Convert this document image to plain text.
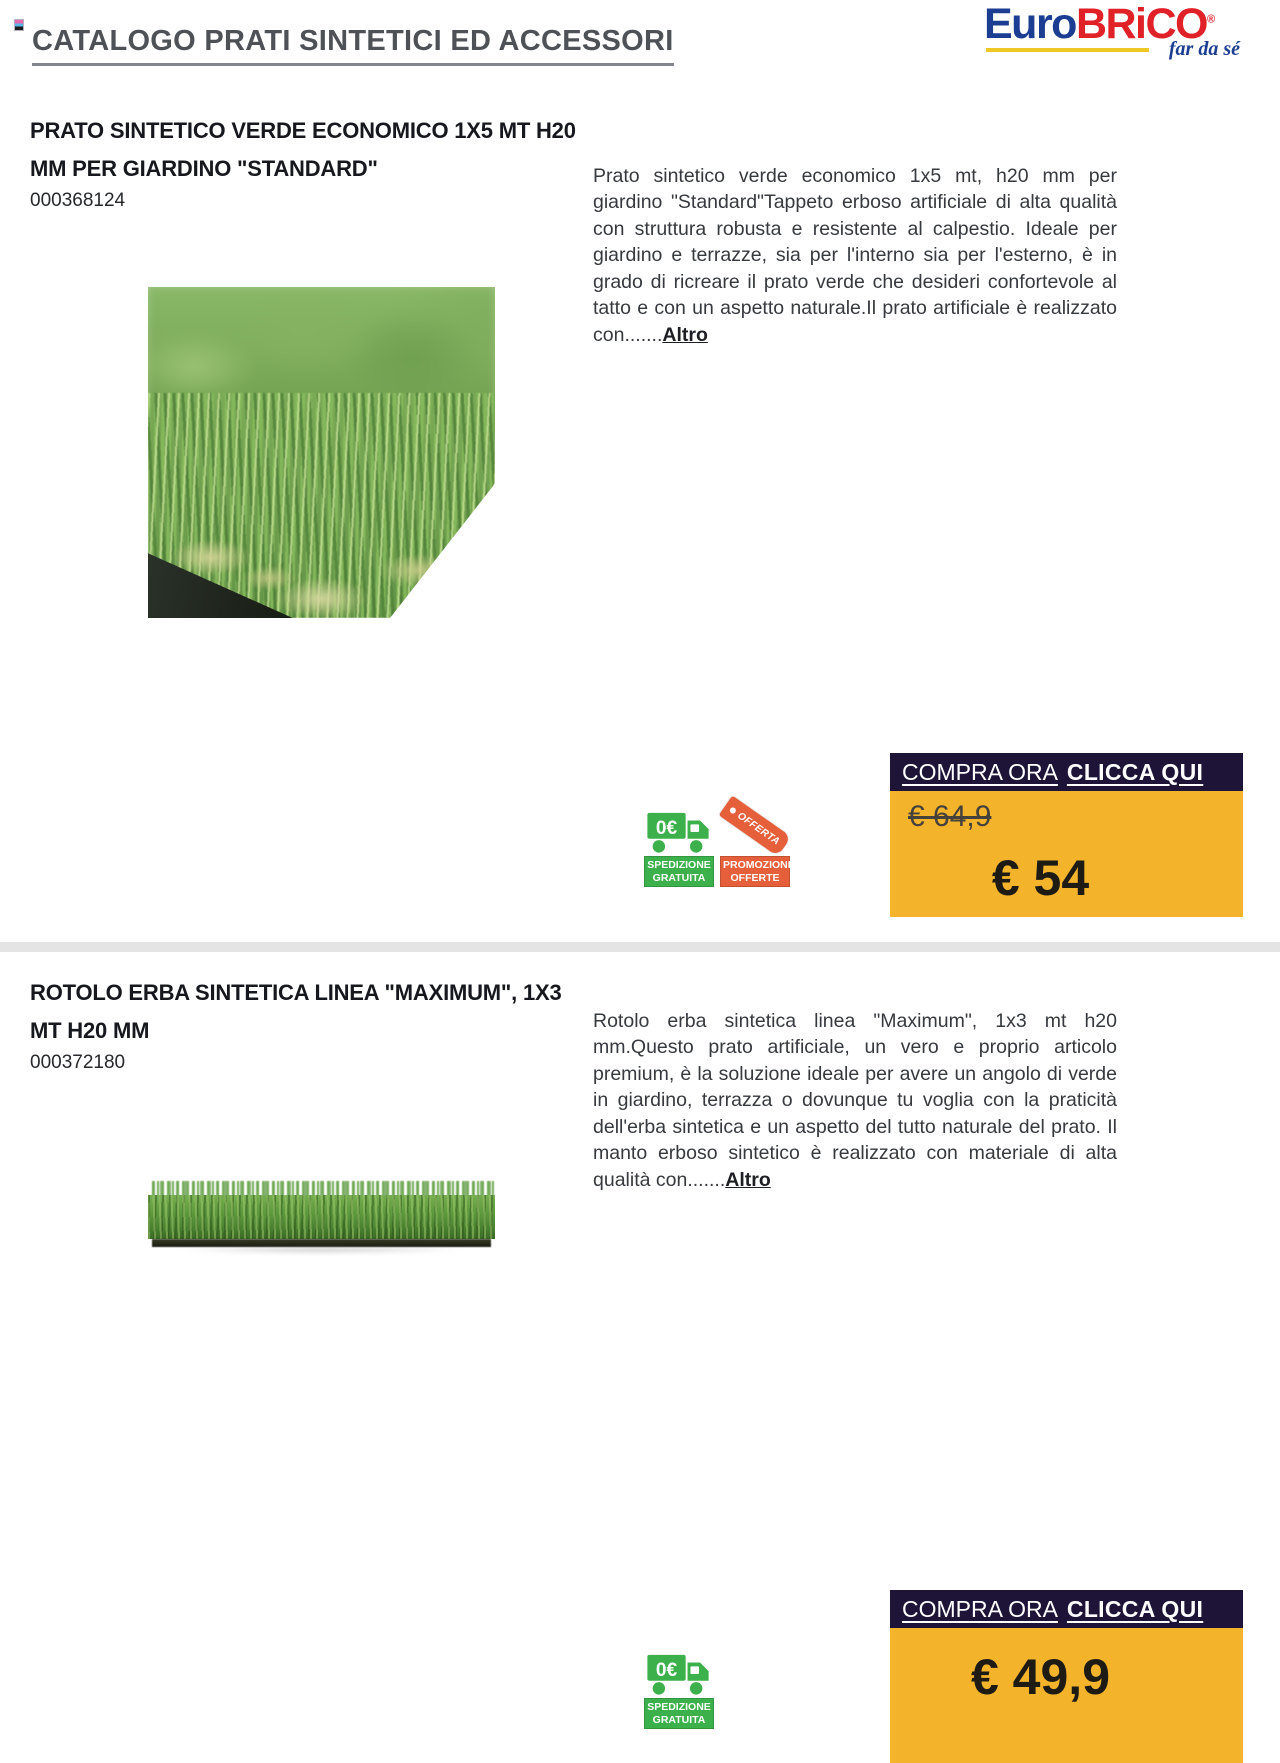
CATALOGO PRATI SINTETICI ED ACCESSORI	EuroBRiCO®
far da sé
PRATO SINTETICO VERDE ECONOMICO 1X5 MT H20 MM PER GIARDINO "STANDARD"
000368124

Prato sintetico verde economico 1x5 mt, h20 mm per giardino "Standard"Tappeto erboso artificiale di alta qualità con struttura robusta e resistente al calpestio. Ideale per giardino e terrazze, sia per l'interno sia per l'esterno, è in grado di ricreare il prato verde che desideri confortevole al tatto e con un aspetto naturale.Il prato artificiale è realizzato con.......Altro

0€
SPEDIZIONE
GRATUITA
OFFERTA
PROMOZIONI
OFFERTE
COMPRA ORA CLICCA QUI
€ 64,9
€ 54
ROTOLO ERBA SINTETICA LINEA "MAXIMUM", 1X3 MT H20 MM
000372180

Rotolo erba sintetica linea "Maximum", 1x3 mt h20 mm.Questo prato artificiale, un vero e proprio articolo premium, è la soluzione ideale per avere un angolo di verde in giardino, terrazza o dovunque tu voglia con la praticità dell'erba sintetica e un aspetto del tutto naturale del prato. Il manto erboso sintetico è realizzato con materiale di alta qualità con.......Altro

0€
SPEDIZIONE
GRATUITA
COMPRA ORA CLICCA QUI
€ 49,9
